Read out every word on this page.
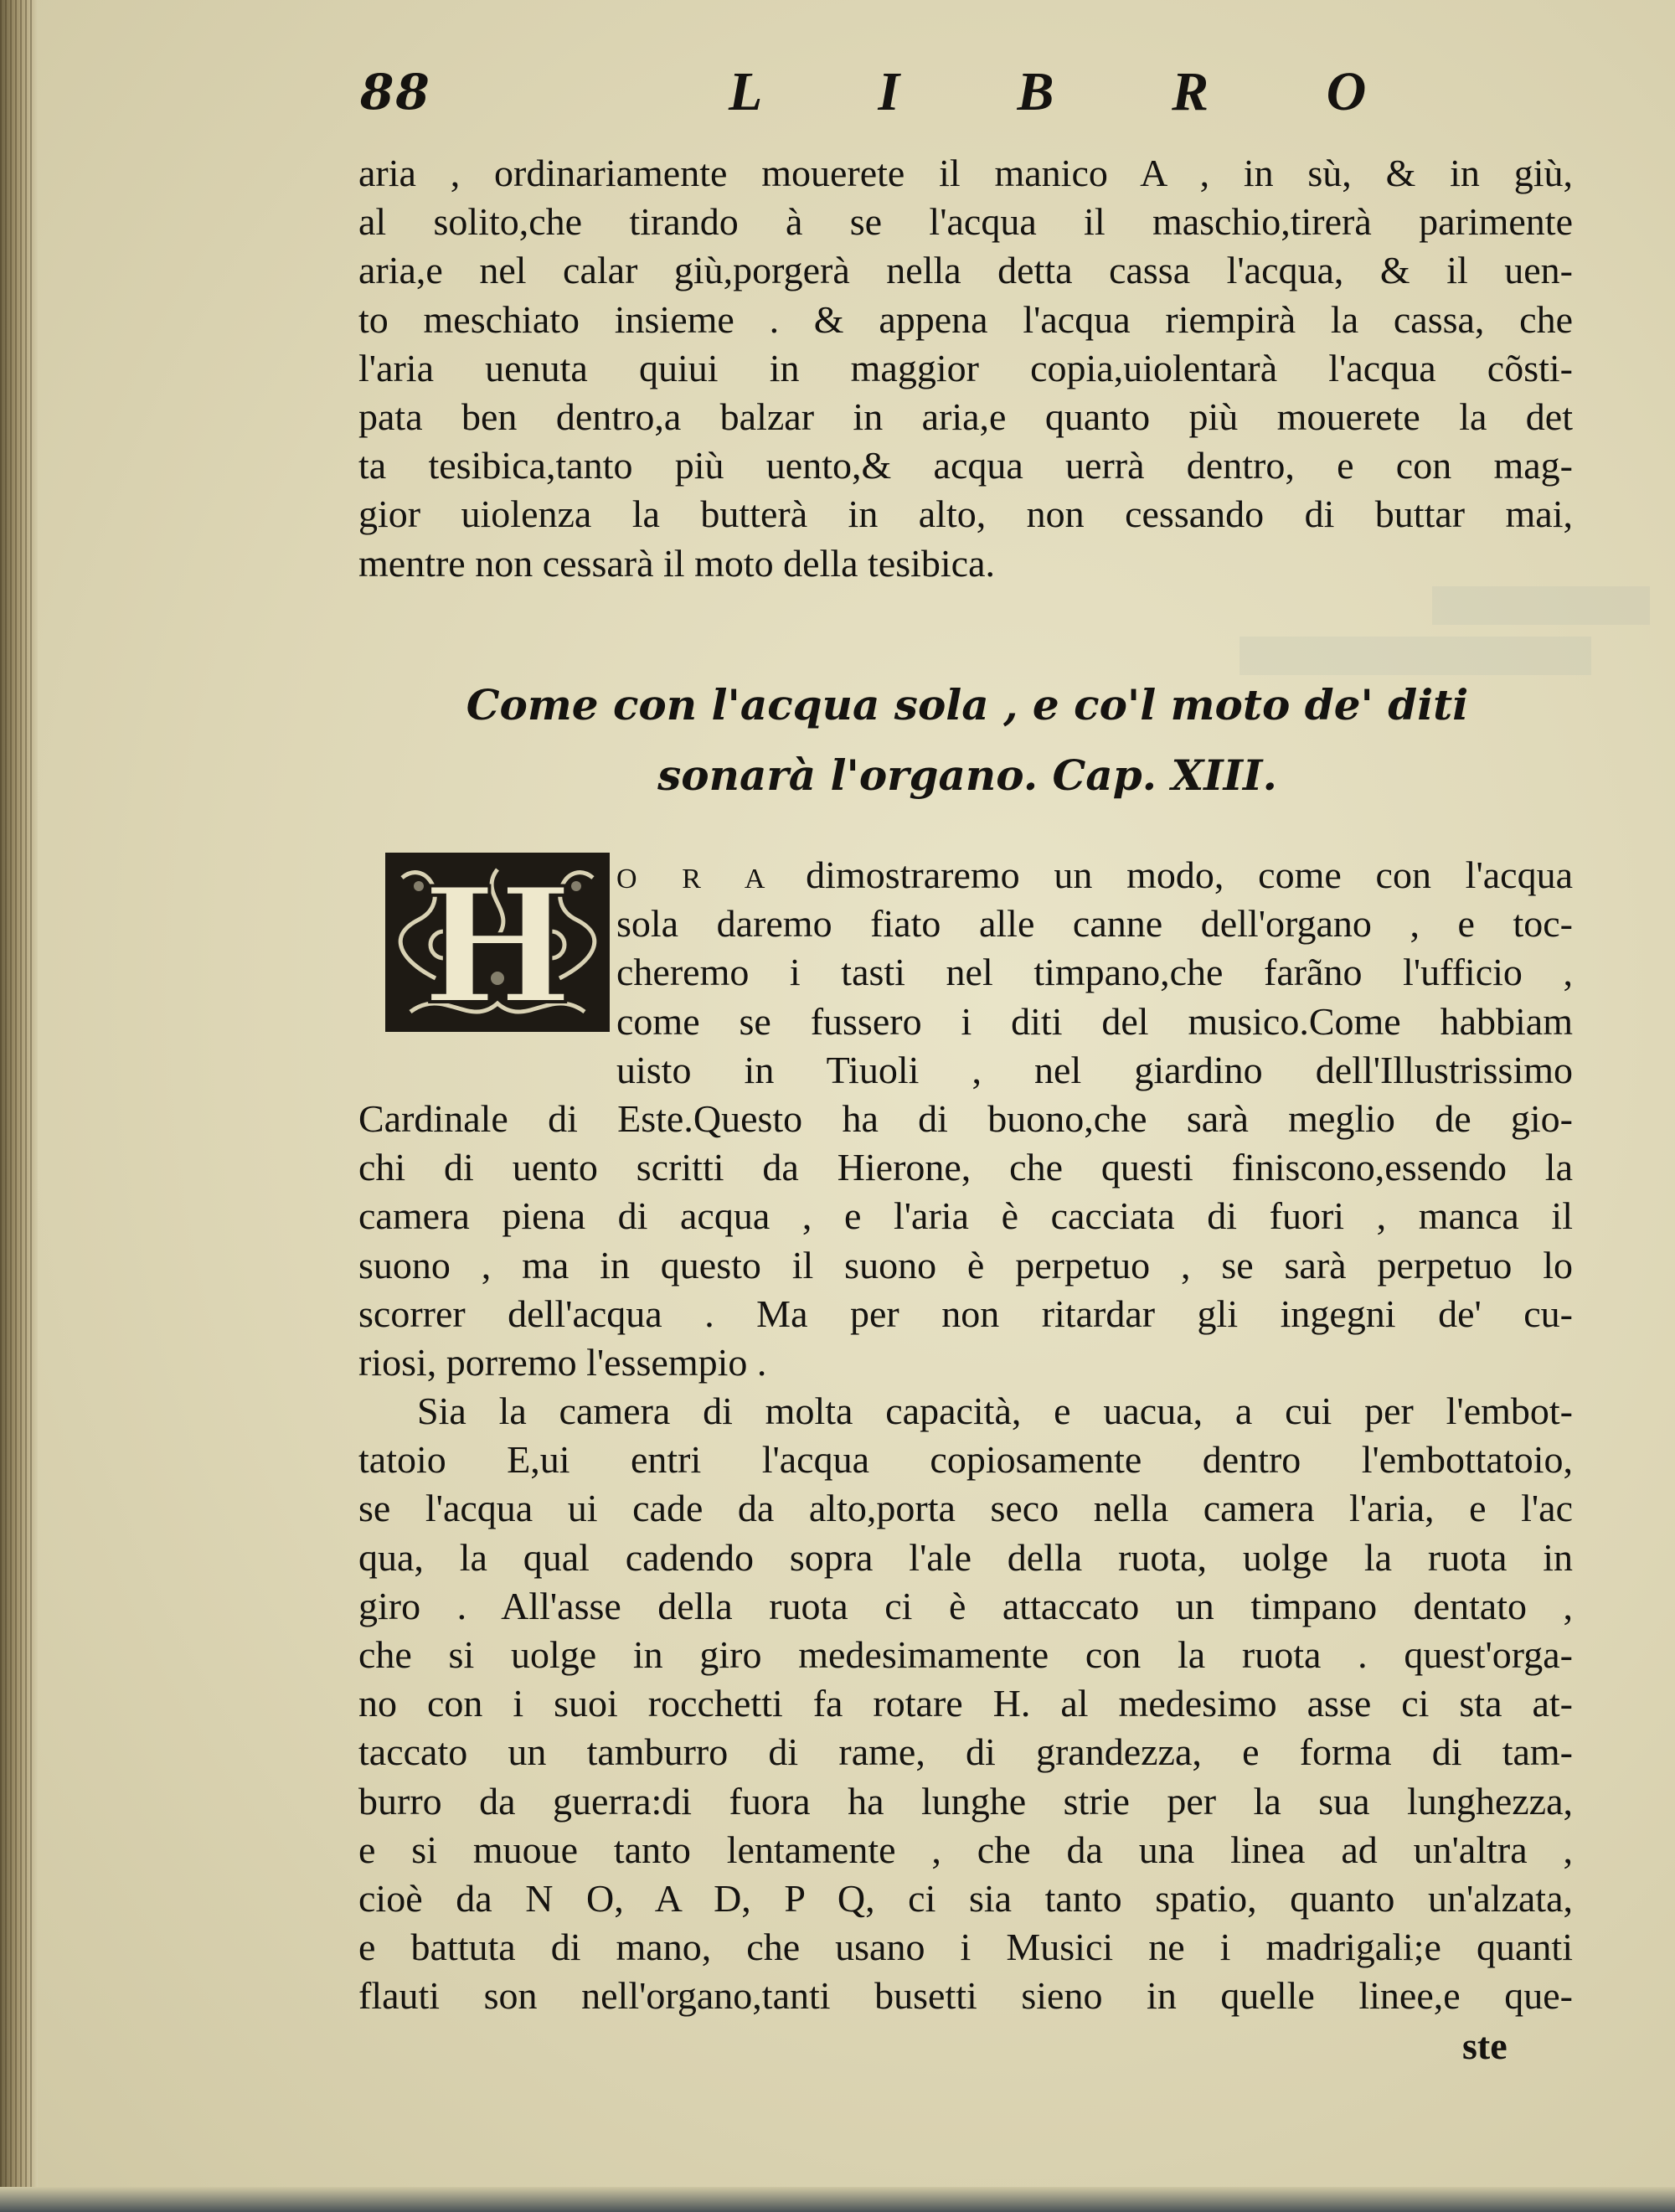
88	L I B R O
aria , ordinariamente mouerete il manico A , in sù, & in giù,
al solito,che tirando à se l'acqua il maschio,tirerà parimente
aria,e nel calar giù,porgerà nella detta cassa l'acqua, & il uen-
to meschiato insieme . & appena l'acqua riempirà la cassa, che
l'aria uenuta quiui in maggior copia,uiolentarà l'acqua cõsti-
pata ben dentro,a balzar in aria,e quanto più mouerete la det
ta tesibica,tanto più uento,& acqua uerrà dentro, e con mag-
gior uiolenza la butterà in alto, non cessando di buttar mai,
mentre non cessarà il moto della tesibica.
Come con l'acqua sola , e co'l moto de' diti
sonarà l'organo. Cap. XIII.
H O R A dimostraremo un modo, come con l'acqua
sola daremo fiato alle canne dell'organo , e toc-
cheremo i tasti nel timpano,che farãno l'ufficio ,
come se fussero i diti del musico.Come habbiam
uisto in Tiuoli , nel giardino dell'Illustrissimo
Cardinale di Este.Questo ha di buono,che sarà meglio de gio-
chi di uento scritti da Hierone, che questi finiscono,essendo la
camera piena di acqua , e l'aria è cacciata di fuori , manca il
suono , ma in questo il suono è perpetuo , se sarà perpetuo lo
scorrer dell'acqua . Ma per non ritardar gli ingegni de' cu-
riosi, porremo l'essempio .
Sia la camera di molta capacità, e uacua, a cui per l'embot-
tatoio E,ui entri l'acqua copiosamente dentro l'embottatoio,
se l'acqua ui cade da alto,porta seco nella camera l'aria, e l'ac
qua, la qual cadendo sopra l'ale della ruota, uolge la ruota in
giro . All'asse della ruota ci è attaccato un timpano dentato ,
che si uolge in giro medesimamente con la ruota . quest'orga-
no con i suoi rocchetti fa rotare H. al medesimo asse ci sta at-
taccato un tamburro di rame, di grandezza, e forma di tam-
burro da guerra:di fuora ha lunghe strie per la sua lunghezza,
e si muoue tanto lentamente , che da una linea ad un'altra ,
cioè da N O, A D, P Q, ci sia tanto spatio, quanto un'alzata,
e battuta di mano, che usano i Musici ne i madrigali;e quanti
flauti son nell'organo,tanti busetti sieno in quelle linee,e que-
ste
